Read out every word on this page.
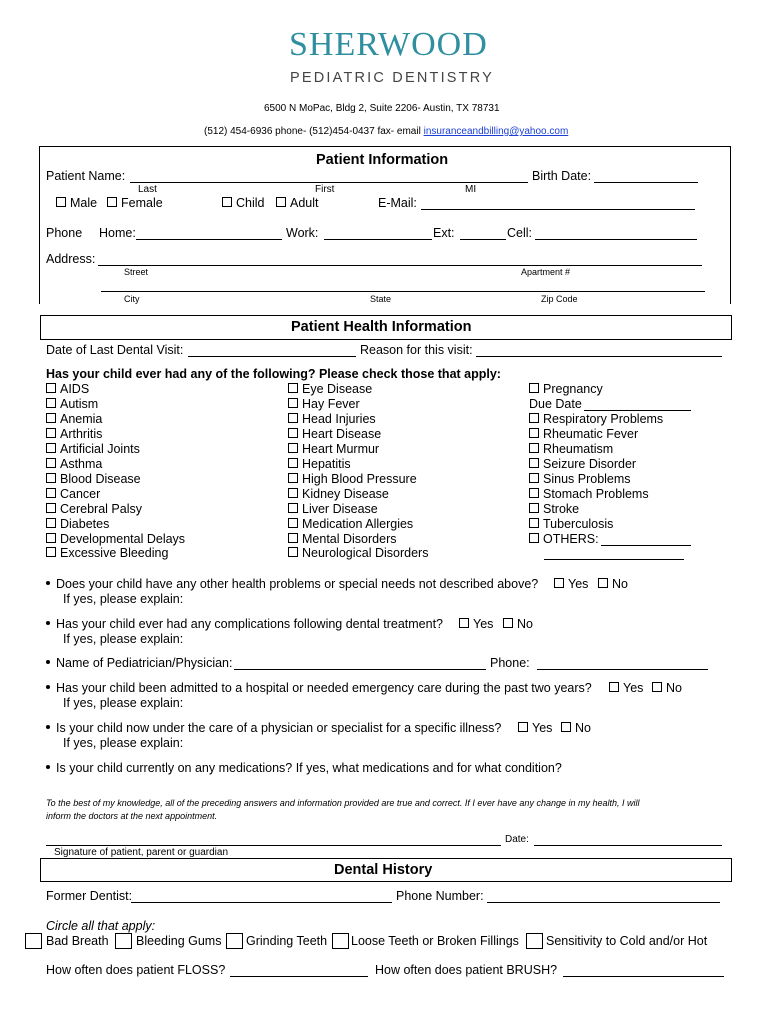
SHERWOOD
PEDIATRIC DENTISTRY
6500 N MoPac, Bldg 2, Suite 2206- Austin, TX 78731
(512) 454-6936 phone- (512)454-0437 fax- email insuranceandbilling@yahoo.com
Patient Information
Patient Name:	Birth Date:
Last	First	MI
Male	Female	Child	Adult	E-Mail:
Phone Home:	Work:	Ext:	Cell:
Address:
Street	Apartment #
City	State	Zip Code
Patient Health Information
Date of Last Dental Visit:	Reason for this visit:
Has your child ever had any of the following? Please check those that apply:
AIDS
Autism
Anemia
Arthritis
Artificial Joints
Asthma
Blood Disease
Cancer
Cerebral Palsy
Diabetes
Developmental Delays
Excessive Bleeding
Eye Disease
Hay Fever
Head Injuries
Heart Disease
Heart Murmur
Hepatitis
High Blood Pressure
Kidney Disease
Liver Disease
Medication Allergies
Mental Disorders
Neurological Disorders
Pregnancy
Due Date
Respiratory Problems
Rheumatic Fever
Rheumatism
Seizure Disorder
Sinus Problems
Stomach Problems
Stroke
Tuberculosis
OTHERS:
Does your child have any other health problems or special needs not described above?	Yes	No
If yes, please explain:
Has your child ever had any complications following dental treatment?	Yes	No
If yes, please explain:
Name of Pediatrician/Physician:	Phone:
Has your child been admitted to a hospital or needed emergency care during the past two years?	Yes	No
If yes, please explain:
Is your child now under the care of a physician or specialist for a specific illness?	Yes	No
If yes, please explain:
Is your child currently on any medications? If yes, what medications and for what condition?
To the best of my knowledge, all of the preceding answers and information provided are true and correct. If I ever have any change in my health, I will
inform the doctors at the next appointment.
Date:
Signature of patient, parent or guardian
Dental History
Former Dentist:	Phone Number:
Circle all that apply:
Bad Breath Bleeding Gums Grinding Teeth Loose Teeth or Broken Fillings Sensitivity to Cold and/or Hot
How often does patient FLOSS?	How often does patient BRUSH?
